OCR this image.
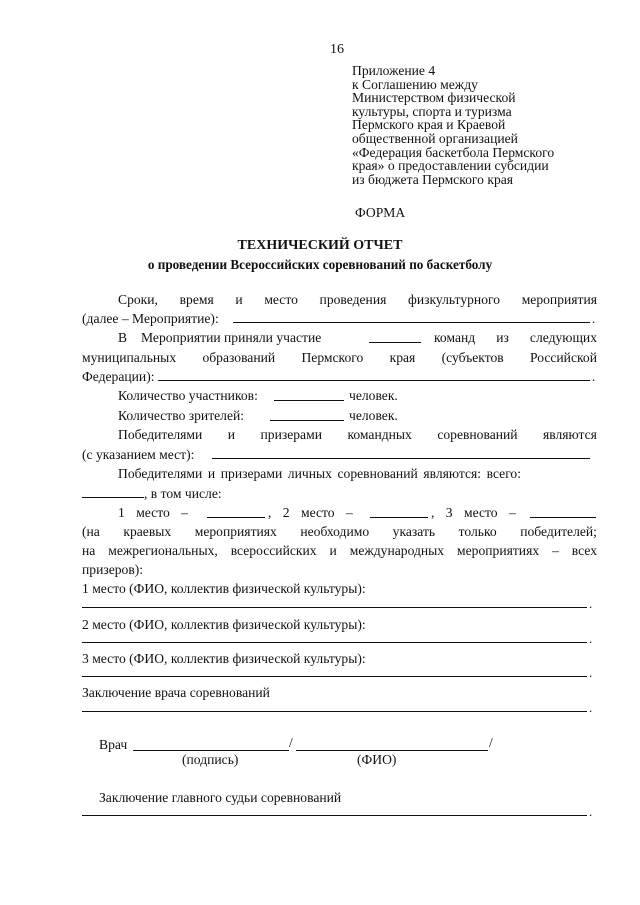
16
Приложение 4
к Соглашению между
Министерством физической
культуры, спорта и туризма
Пермского края и Краевой
общественной организацией
«Федерация баскетбола Пермского
края» о предоставлении субсидии
из бюджета Пермского края
ФОРМА
ТЕХНИЧЕСКИЙ ОТЧЕТ
о проведении Всероссийских соревнований по баскетболу
Сроки, время и место проведения физкультурного мероприятия
(далее – Мероприятие):	.
В Мероприятии приняли участие	команд из следующих
муниципальных образований Пермского края (субъектов Российской
Федерации):	.
Количество участников:	человек.
Количество зрителей:	человек.
Победителями и призерами командных соревнований являются
(с указанием мест):
Победителями и призерами личных соревнований являются: всего:
, в том числе:
1 место –	, 2 место –	, 3 место –
(на краевых мероприятиях необходимо указать только победителей;
на межрегиональных, всероссийских и международных мероприятиях – всех
призеров):
1 место (ФИО, коллектив физической культуры):
.
2 место (ФИО, коллектив физической культуры):
.
3 место (ФИО, коллектив физической культуры):
.
Заключение врача соревнований
.
Врач	/	/
(подпись)	(ФИО)
Заключение главного судьи соревнований
.
